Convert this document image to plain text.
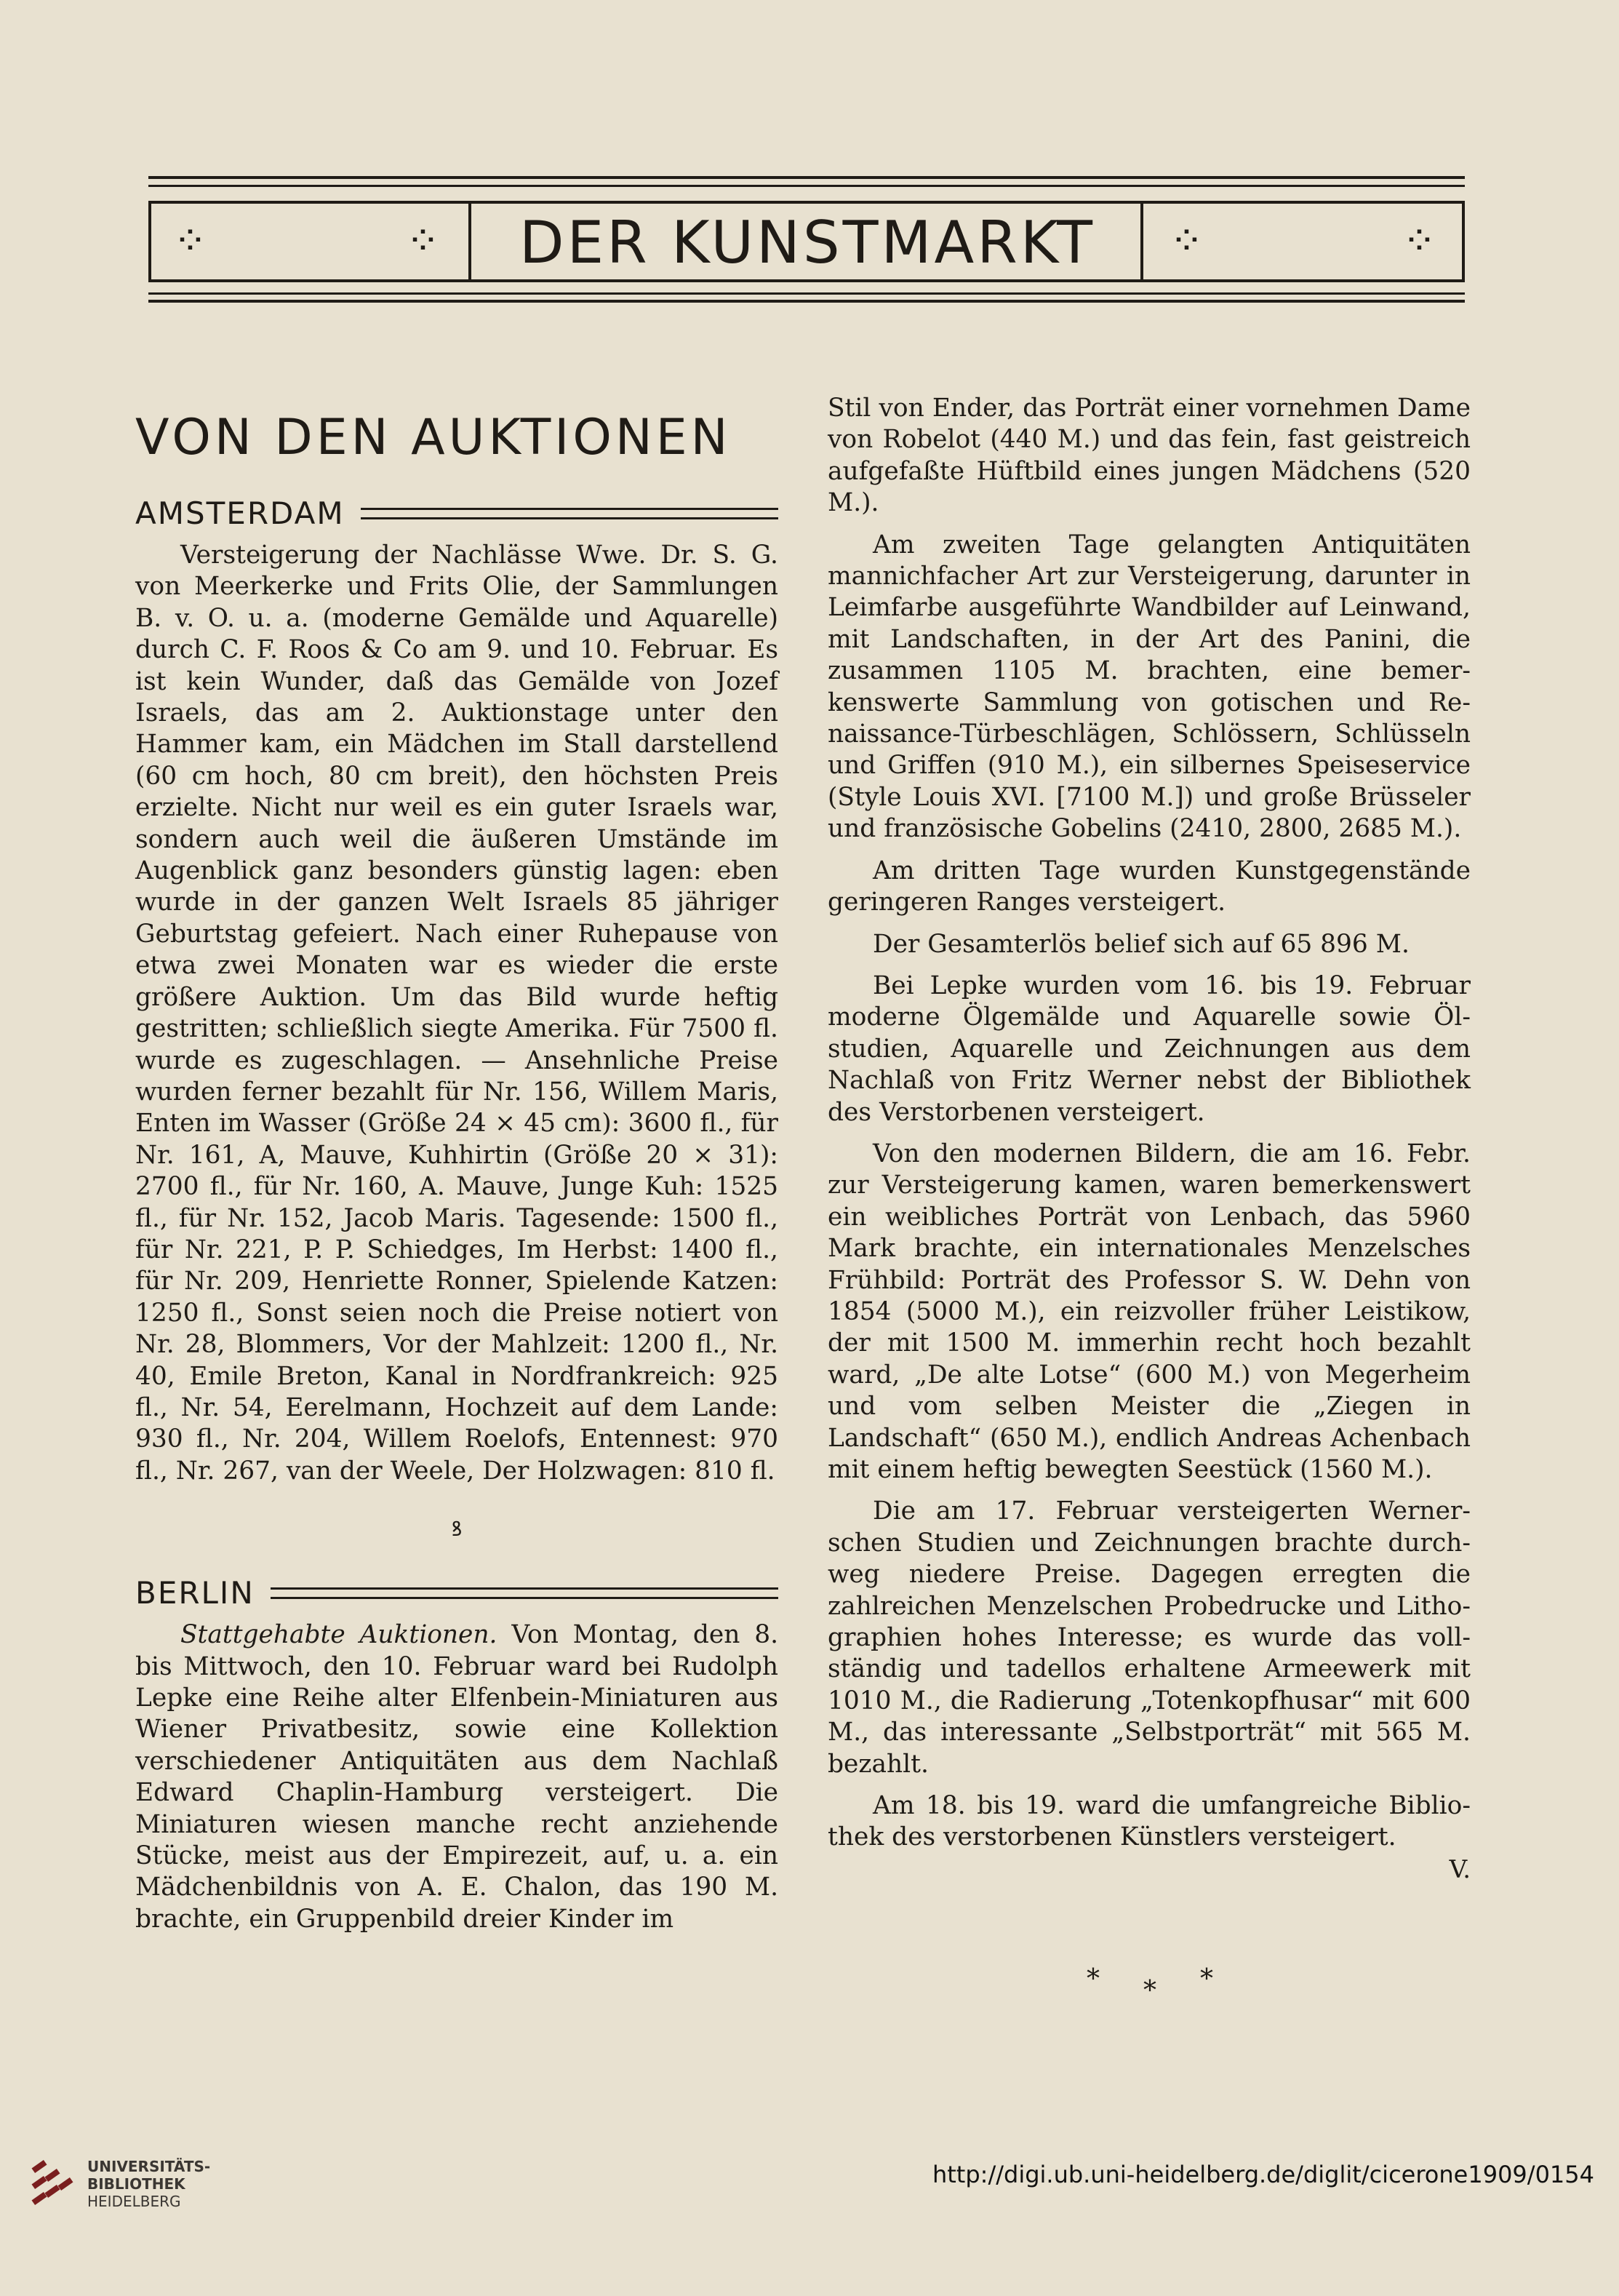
⁘	⁘	DER KUNSTMARKT	⁘	⁘
VON DEN AUKTIONEN
AMSTERDAM

Versteigerung der Nachlässe Wwe. Dr. S. G. von Meerkerke und Frits Olie, der Sammlungen B. v. O. u. a. (moderne Gemälde und Aquarelle) durch C. F. Roos & Co am 9. und 10. Februar. Es ist kein Wunder, daß das Gemälde von Jozef Israels, das am 2. Auktionstage unter den Hammer kam, ein Mädchen im Stall darstellend (60 cm hoch, 80 cm breit), den höchsten Preis erzielte. Nicht nur weil es ein guter Israels war, sondern auch weil die äußeren Umstände im Augenblick ganz besonders günstig lagen: eben wurde in der ganzen Welt Israels 85 jähriger Geburtstag gefeiert. Nach einer Ruhepause von etwa zwei Monaten war es wieder die erste größere Auktion. Um das Bild wurde heftig gestritten; schließlich siegte Amerika. Für 7500 fl. wurde es zugeschlagen. — Ansehnliche Preise wurden ferner bezahlt für Nr. 156, Willem Maris, Enten im Wasser (Größe 24 × 45 cm): 3600 fl., für Nr. 161, A, Mauve, Kuhhirtin (Größe 20 × 31): 2700 fl., für Nr. 160, A. Mauve, Junge Kuh: 1525 fl., für Nr. 152, Jacob Maris. Tagesende: 1500 fl., für Nr. 221, P. P. Schiedges, Im Herbst: 1400 fl., für Nr. 209, Henriette Ronner, Spielende Katzen: 1250 fl., Sonst seien noch die Preise notiert von Nr. 28, Blommers, Vor der Mahlzeit: 1200 fl., Nr. 40, Emile Breton, Kanal in Nordfrankreich: 925 fl., Nr. 54, Eerelmann, Hochzeit auf dem Lande: 930 fl., Nr. 204, Willem Roelofs, Entennest: 970 fl., Nr. 267, van der Weele, Der Holzwagen: 810 fl.

ꝸ
BERLIN

Stattgehabte Auktionen. Von Montag, den 8. bis Mittwoch, den 10. Februar ward bei Rudolph Lepke eine Reihe alter Elfenbein-Miniaturen aus Wiener Privatbesitz, sowie eine Kollektion verschiedener Antiquitäten aus dem Nachlaß Edward Chaplin-Hamburg versteigert. Die Miniaturen wiesen manche recht anziehende Stücke, meist aus der Empirezeit, auf, u. a. ein Mädchenbildnis von A. E. Chalon, das 190 M. brachte, ein Gruppenbild dreier Kinder im

Stil von Ender, das Porträt einer vornehmen Dame von Robelot (440 M.) und das fein, fast geistreich aufgefaßte Hüftbild eines jungen Mädchens (520 M.).

Am zweiten Tage gelangten Antiquitäten mannichfacher Art zur Versteigerung, darunter in Leimfarbe ausgeführte Wandbilder auf Leinwand, mit Landschaften, in der Art des Panini, die zusammen 1105 M. brachten, eine bemerkenswerte Sammlung von gotischen und Renaissance-Türbeschlägen, Schlössern, Schlüsseln und Griffen (910 M.), ein silbernes Speiseservice (Style Louis XVI. [7100 M.]) und große Brüsseler und französische Gobelins (2410, 2800, 2685 M.).

Am dritten Tage wurden Kunstgegenstände geringeren Ranges versteigert.

Der Gesamterlös belief sich auf 65 896 M.

Bei Lepke wurden vom 16. bis 19. Februar moderne Ölgemälde und Aquarelle sowie Ölstudien, Aquarelle und Zeichnungen aus dem Nachlaß von Fritz Werner nebst der Bibliothek des Verstorbenen versteigert.

Von den modernen Bildern, die am 16. Febr. zur Versteigerung kamen, waren bemerkenswert ein weibliches Porträt von Lenbach, das 5960 Mark brachte, ein internationales Menzelsches Frühbild: Porträt des Professor S. W. Dehn von 1854 (5000 M.), ein reizvoller früher Leistikow, der mit 1500 M. immerhin recht hoch bezahlt ward, „De alte Lotse“ (600 M.) von Megerheim und vom selben Meister die „Ziegen in Landschaft“ (650 M.), endlich Andreas Achenbach mit einem heftig bewegten Seestück (1560 M.).

Die am 17. Februar versteigerten Wernerschen Studien und Zeichnungen brachte durchweg niedere Preise. Dagegen erregten die zahlreichen Menzelschen Probedrucke und Lithographien hohes Interesse; es wurde das vollständig und tadellos erhaltene Armeewerk mit 1010 M., die Radierung „Totenkopfhusar“ mit 600 M., das interessante „Selbstporträt“ mit 565 M. bezahlt.

Am 18. bis 19. ward die umfangreiche Bibliothek des verstorbenen Künstlers versteigert.

V.

* * *
UNIVERSITÄTS-
BIBLIOTHEK
HEIDELBERG
http://digi.ub.uni-heidelberg.de/diglit/cicerone1909/0154
